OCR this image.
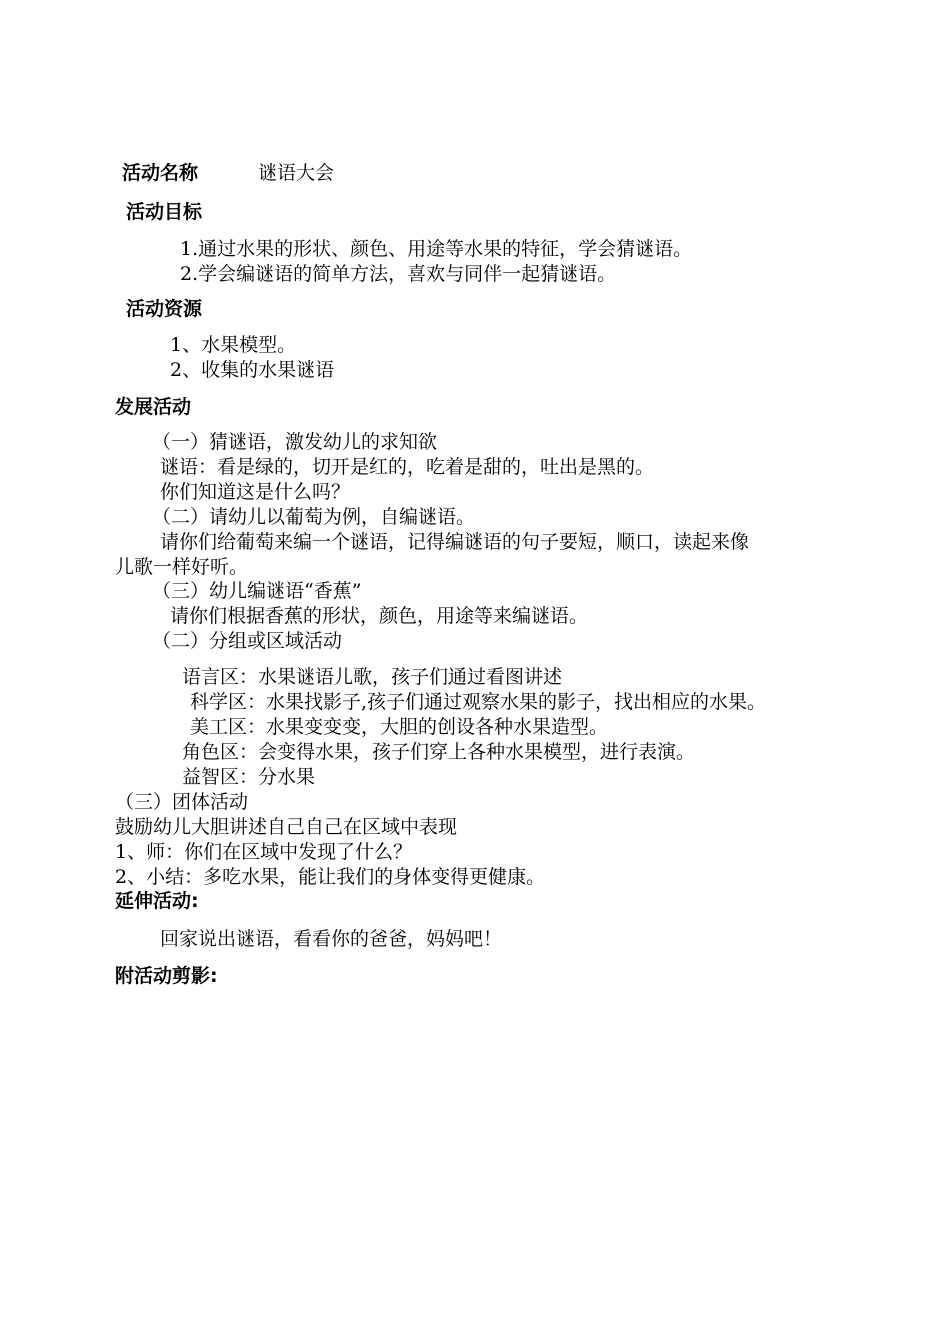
活动名称	谜语大会
活动目标
1.通过水果的形状、颜色、用途等水果的特征，学会猜谜语。
2.学会编谜语的简单方法，喜欢与同伴一起猜谜语。
活动资源
1、水果模型。
2、收集的水果谜语
发展活动
（一）猜谜语，激发幼儿的求知欲
谜语：看是绿的，切开是红的，吃着是甜的，吐出是黑的。
你们知道这是什么吗？
（二）请幼儿以葡萄为例，自编谜语。
请你们给葡萄来编一个谜语，记得编谜语的句子要短，顺口，读起来像
儿歌一样好听。
（三）幼儿编谜语“香蕉”
请你们根据香蕉的形状，颜色，用途等来编谜语。
（二）分组或区域活动
语言区：水果谜语儿歌，孩子们通过看图讲述
科学区：水果找影子,孩子们通过观察水果的影子，找出相应的水果。
美工区：水果变变变，大胆的创设各种水果造型。
角色区：会变得水果，孩子们穿上各种水果模型，进行表演。
益智区：分水果
（三）团体活动
鼓励幼儿大胆讲述自己自己在区域中表现
1、师：你们在区域中发现了什么？
2、小结：多吃水果，能让我们的身体变得更健康。
延伸活动:
回家说出谜语，看看你的爸爸，妈妈吧！
附活动剪影:
